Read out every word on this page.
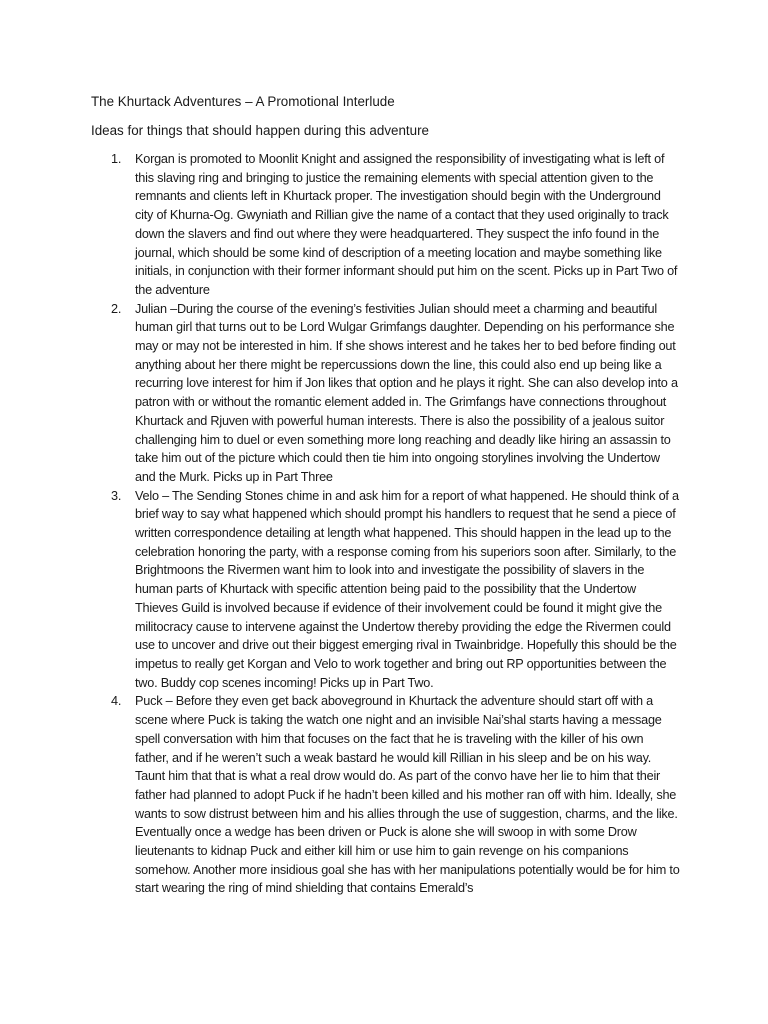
The Khurtack Adventures – A Promotional Interlude
Ideas for things that should happen during this adventure
1.	Korgan is promoted to Moonlit Knight and assigned the responsibility of investigating what is left of this slaving ring and bringing to justice the remaining elements with special attention given to the remnants and clients left in Khurtack proper. The investigation should begin with the Underground city of Khurna-Og. Gwyniath and Rillian give the name of a contact that they used originally to track down the slavers and find out where they were headquartered. They suspect the info found in the journal, which should be some kind of description of a meeting location and maybe something like initials, in conjunction with their former informant should put him on the scent. Picks up in Part Two of the adventure
2.	Julian –During the course of the evening’s festivities Julian should meet a charming and beautiful human girl that turns out to be Lord Wulgar Grimfangs daughter. Depending on his performance she may or may not be interested in him. If she shows interest and he takes her to bed before finding out anything about her there might be repercussions down the line, this could also end up being like a recurring love interest for him if Jon likes that option and he plays it right. She can also develop into a patron with or without the romantic element added in. The Grimfangs have connections throughout Khurtack and Rjuven with powerful human interests. There is also the possibility of a jealous suitor challenging him to duel or even something more long reaching and deadly like hiring an assassin to take him out of the picture which could then tie him into ongoing storylines involving the Undertow and the Murk. Picks up in Part Three
3.	Velo – The Sending Stones chime in and ask him for a report of what happened. He should think of a brief way to say what happened which should prompt his handlers to request that he send a piece of written correspondence detailing at length what happened. This should happen in the lead up to the celebration honoring the party, with a response coming from his superiors soon after. Similarly, to the Brightmoons the Rivermen want him to look into and investigate the possibility of slavers in the human parts of Khurtack with specific attention being paid to the possibility that the Undertow Thieves Guild is involved because if evidence of their involvement could be found it might give the militocracy cause to intervene against the Undertow thereby providing the edge the Rivermen could use to uncover and drive out their biggest emerging rival in Twainbridge. Hopefully this should be the impetus to really get Korgan and Velo to work together and bring out RP opportunities between the two. Buddy cop scenes incoming! Picks up in Part Two.
4.	Puck – Before they even get back aboveground in Khurtack the adventure should start off with a scene where Puck is taking the watch one night and an invisible Nai’shal starts having a message spell conversation with him that focuses on the fact that he is traveling with the killer of his own father, and if he weren’t such a weak bastard he would kill Rillian in his sleep and be on his way. Taunt him that that is what a real drow would do. As part of the convo have her lie to him that their father had planned to adopt Puck if he hadn’t been killed and his mother ran off with him. Ideally, she wants to sow distrust between him and his allies through the use of suggestion, charms, and the like. Eventually once a wedge has been driven or Puck is alone she will swoop in with some Drow lieutenants to kidnap Puck and either kill him or use him to gain revenge on his companions somehow. Another more insidious goal she has with her manipulations potentially would be for him to start wearing the ring of mind shielding that contains Emerald’s
